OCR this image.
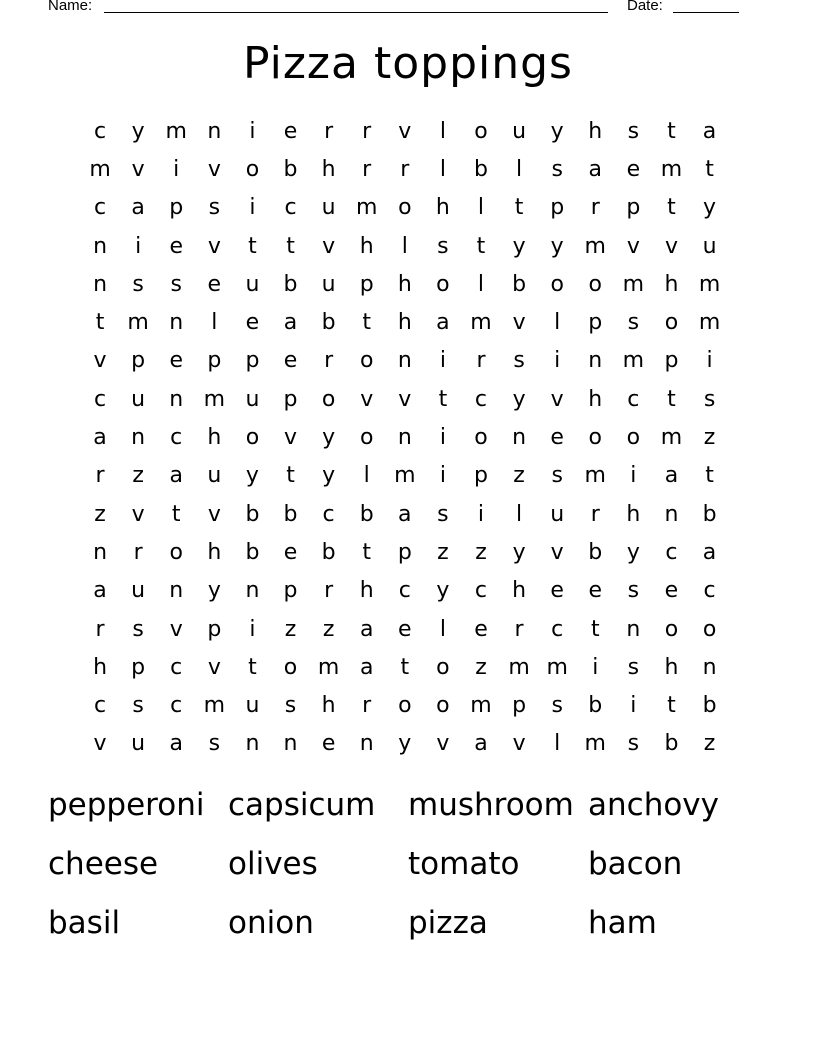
Name:	Date:
Pizza toppings
c	y m n	i	e	r	r	v	l	o	u	y	h	s	t	a
m v	i	v	o	b	h	r	r	l	b	l	s	a	e m	t
c	a	p	s	i	c	u m o	h	l	t	p	r	p	t	y
n	i	e	v	t	t	v	h	l	s	t	y	y m v	v	u
n	s	s	e	u	b	u	p	h	o	l	b	o	o m h m
t	m n	l	e	a	b	t	h	a m v	l	p	s	o m
v	p	e	p	p	e	r	o	n	i	r	s	i	n m p	i
c	u	n m u	p	o	v	v	t	c	y	v	h	c	t	s
a	n	c	h	o	v	y	o	n	i	o	n	e	o	o m z
r	z	a	u	y	t	y	l	m	i	p	z	s m	i	a	t
z	v	t	v	b	b	c	b	a	s	i	l	u	r	h	n	b
n	r	o	h	b	e	b	t	p	z	z	y	v	b	y	c	a
a	u	n	y	n	p	r	h	c	y	c	h	e	e	s	e	c
r	s	v	p	i	z	z	a	e	l	e	r	c	t	n	o	o
h	p	c	v	t	o m a	t	o	z m m	i	s	h	n
c	s	c m u	s	h	r	o	o m p	s	b	i	t	b
v	u	a	s	n	n	e	n	y	v	a	v	l	m s	b	z
pepperoni capsicum	mushroom anchovy
cheese	olives	tomato	bacon
basil	onion	pizza	ham
